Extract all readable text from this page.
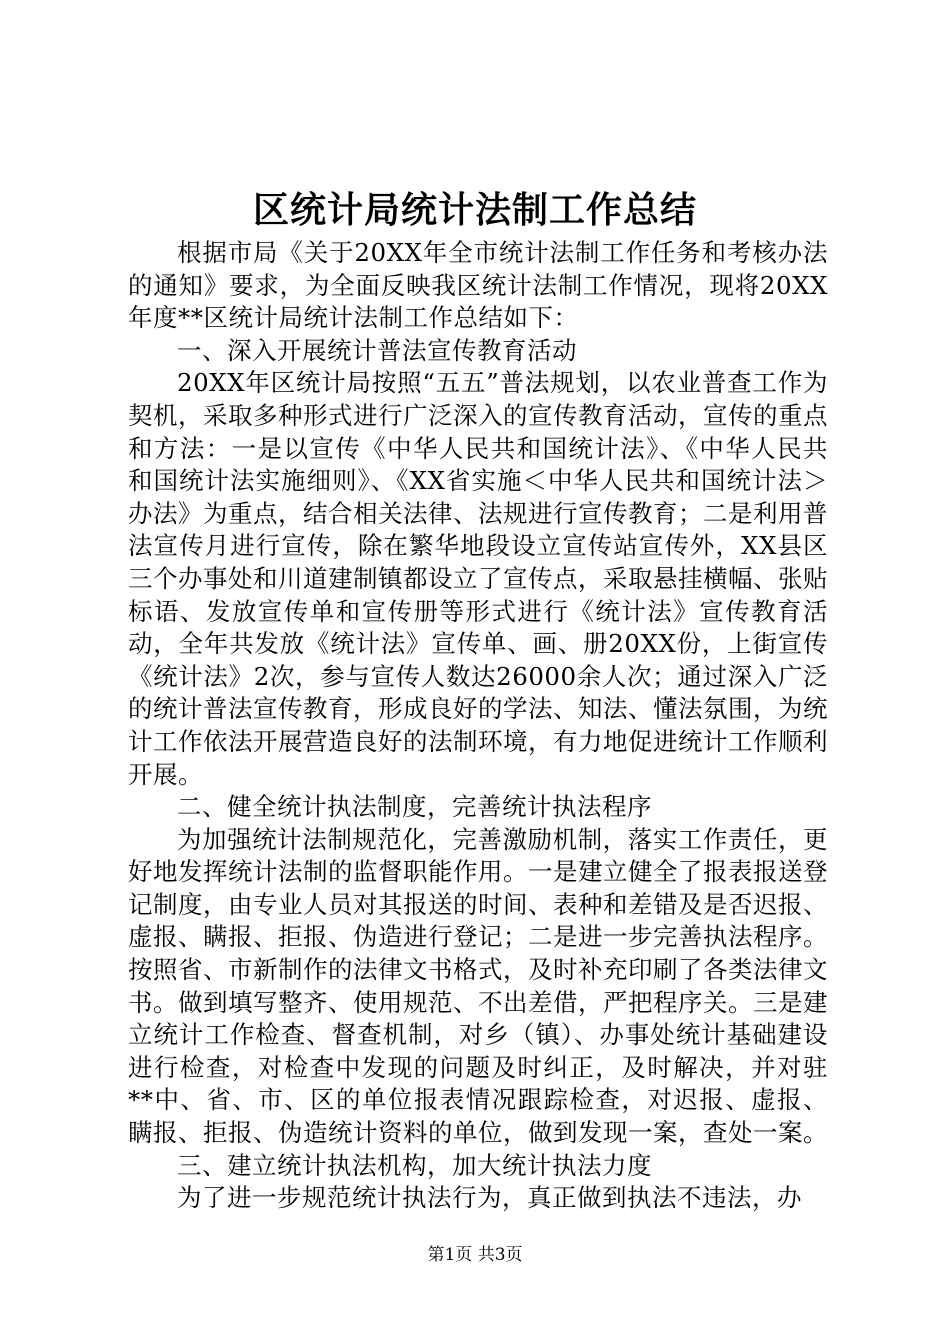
区统计局统计法制工作总结

根据市局《关于20XX年全市统计法制工作任务和考核办法的通知》要求，为全面反映我区统计法制工作情况，现将20XX年度**区统计局统计法制工作总结如下：

一、深入开展统计普法宣传教育活动

20XX年区统计局按照“五五”普法规划，以农业普查工作为契机，采取多种形式进行广泛深入的宣传教育活动，宣传的重点和方法：一是以宣传《中华人民共和国统计法》、《中华人民共和国统计法实施细则》、《XX省实施＜中华人民共和国统计法＞办法》为重点，结合相关法律、法规进行宣传教育；二是利用普法宣传月进行宣传，除在繁华地段设立宣传站宣传外，XX县区三个办事处和川道建制镇都设立了宣传点，采取悬挂横幅、张贴标语、发放宣传单和宣传册等形式进行《统计法》宣传教育活动，全年共发放《统计法》宣传单、画、册20XX份，上街宣传《统计法》2次，参与宣传人数达26000余人次；通过深入广泛的统计普法宣传教育，形成良好的学法、知法、懂法氛围，为统计工作依法开展营造良好的法制环境，有力地促进统计工作顺利开展。

二、健全统计执法制度，完善统计执法程序

为加强统计法制规范化，完善激励机制，落实工作责任，更好地发挥统计法制的监督职能作用。一是建立健全了报表报送登记制度，由专业人员对其报送的时间、表种和差错及是否迟报、虚报、瞒报、拒报、伪造进行登记；二是进一步完善执法程序。按照省、市新制作的法律文书格式，及时补充印刷了各类法律文书。做到填写整齐、使用规范、不出差借，严把程序关。三是建立统计工作检查、督查机制，对乡（镇）、办事处统计基础建设进行检查，对检查中发现的问题及时纠正，及时解决，并对驻**中、省、市、区的单位报表情况跟踪检查，对迟报、虚报、瞒报、拒报、伪造统计资料的单位，做到发现一案，查处一案。

三、建立统计执法机构，加大统计执法力度

为了进一步规范统计执法行为，真正做到执法不违法，办

第1页 共3页
